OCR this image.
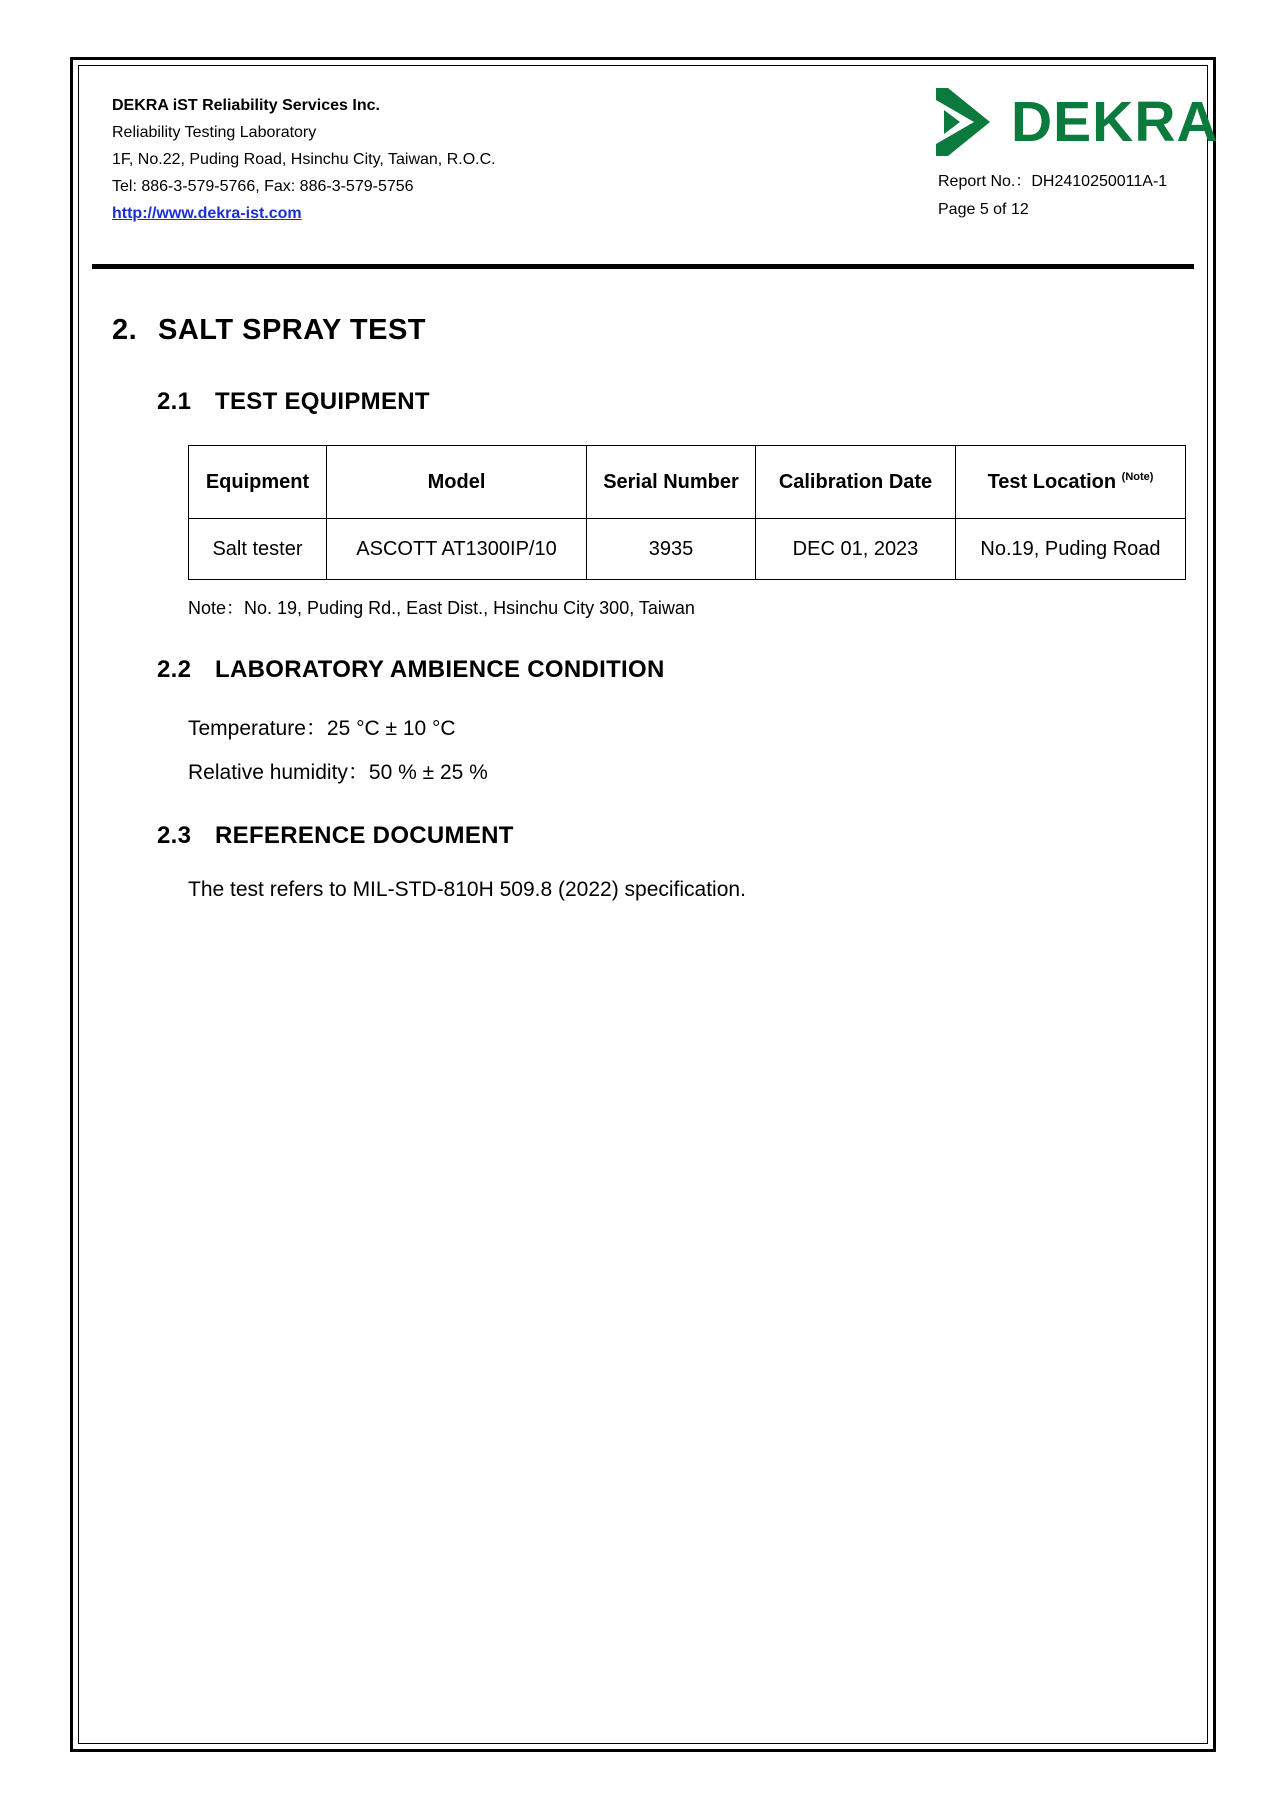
DEKRA iST Reliability Services Inc.
Reliability Testing Laboratory
1F, No.22, Puding Road, Hsinchu City, Taiwan, R.O.C.
Tel: 886-3-579-5766, Fax: 886-3-579-5756
http://www.dekra-ist.com
DEKRA
Report No.：DH2410250011A-1
Page 5 of 12
2. SALT SPRAY TEST
2.1 TEST EQUIPMENT
Equipment	Model	Serial Number	Calibration Date	Test Location $^{(Note)}$
Salt tester	ASCOTT AT1300IP/10	3935	DEC 01, 2023	No.19, Puding Road
Note：No. 19, Puding Rd., East Dist., Hsinchu City 300, Taiwan
2.2 LABORATORY AMBIENCE CONDITION
Temperature：25 °C ± 10 °C
Relative humidity：50 % ± 25 %
2.3 REFERENCE DOCUMENT
The test refers to MIL-STD-810H 509.8 (2022) specification.
